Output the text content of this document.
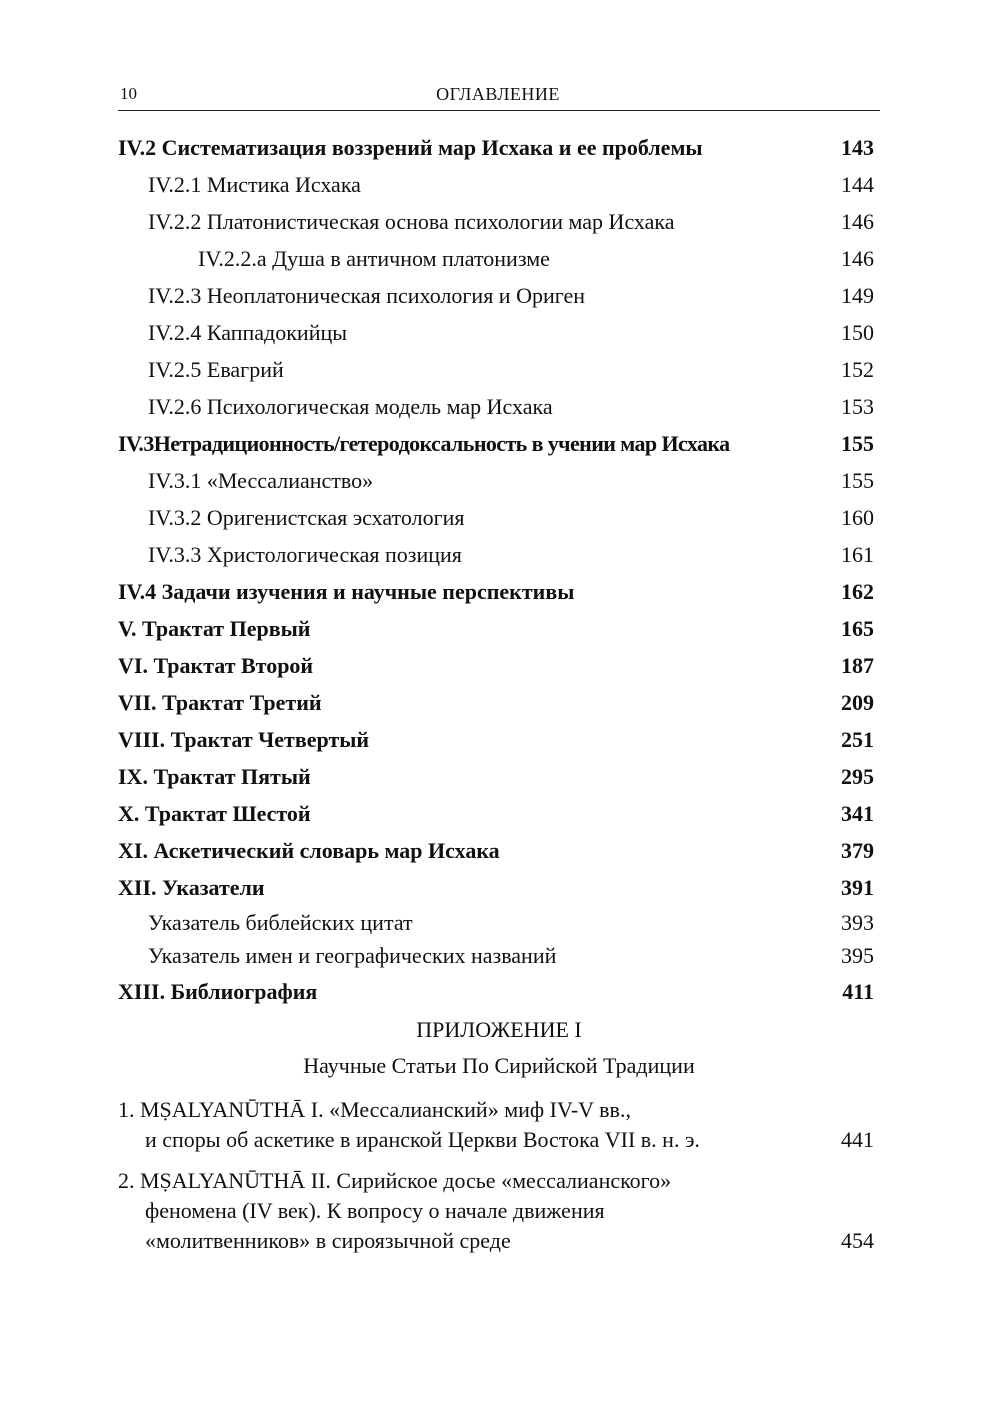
10	ОГЛАВЛЕНИЕ
IV.2 Систематизация воззрений мар Исхака и ее проблемы	143
IV.2.1 Мистика Исхака	144
IV.2.2 Платонистическая основа психологии мар Исхака	146
IV.2.2.а Душа в античном платонизме	146
IV.2.3 Неоплатоническая психология и Ориген	149
IV.2.4 Каппадокийцы	150
IV.2.5 Евагрий	152
IV.2.6 Психологическая модель мар Исхака	153
IV.3Нетрадиционность/гетеродоксальность в учении мар Исхака	155
IV.3.1 «Мессалианство»	155
IV.3.2 Оригенистская эсхатология	160
IV.3.3 Христологическая позиция	161
IV.4 Задачи изучения и научные перспективы	162
V. Трактат Первый	165
VI. Трактат Второй	187
VII. Трактат Третий	209
VIII. Трактат Четвертый	251
IX. Трактат Пятый	295
X. Трактат Шестой	341
XI. Аскетический словарь мар Исхака	379
XII. Указатели	391
Указатель библейских цитат	393
Указатель имен и географических названий	395
XIII. Библиография	411
ПРИЛОЖЕНИЕ I
Научные Статьи По Сирийской Традиции
1. MṢALYANŪTHĀ I. «Мессалианский» миф IV-V вв.,
и споры об аскетике в иранской Церкви Востока VII в. н. э.	441
2. MṢALYANŪTHĀ II. Сирийское досье «мессалианского»
феномена (IV век). К вопросу о начале движения
«молитвенников» в сироязычной среде	454
